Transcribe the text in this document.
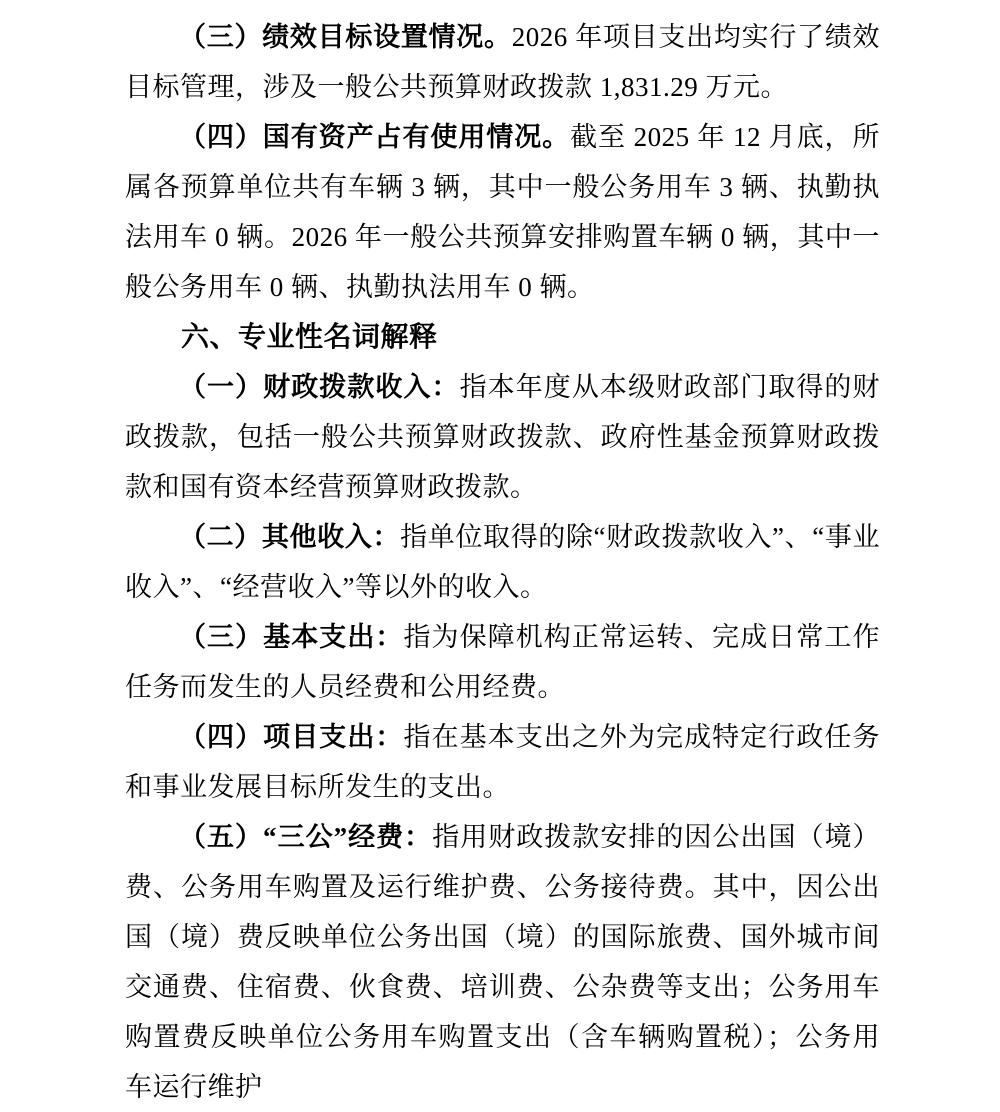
（三）绩效目标设置情况。2026 年项目支出均实行了绩效目标管理，涉及一般公共预算财政拨款 1,831.29 万元。

（四）国有资产占有使用情况。截至 2025 年 12 月底，所属各预算单位共有车辆 3 辆，其中一般公务用车 3 辆、执勤执法用车 0 辆。2026 年一般公共预算安排购置车辆 0 辆，其中一般公务用车 0 辆、执勤执法用车 0 辆。

六、专业性名词解释

（一）财政拨款收入：指本年度从本级财政部门取得的财政拨款，包括一般公共预算财政拨款、政府性基金预算财政拨款和国有资本经营预算财政拨款。

（二）其他收入：指单位取得的除“财政拨款收入”、“事业收入”、“经营收入”等以外的收入。

（三）基本支出：指为保障机构正常运转、完成日常工作任务而发生的人员经费和公用经费。

（四）项目支出：指在基本支出之外为完成特定行政任务和事业发展目标所发生的支出。

（五）“三公”经费：指用财政拨款安排的因公出国（境）费、公务用车购置及运行维护费、公务接待费。其中，因公出国（境）费反映单位公务出国（境）的国际旅费、国外城市间交通费、住宿费、伙食费、培训费、公杂费等支出；公务用车购置费反映单位公务用车购置支出（含车辆购置税）；公务用车运行维护
